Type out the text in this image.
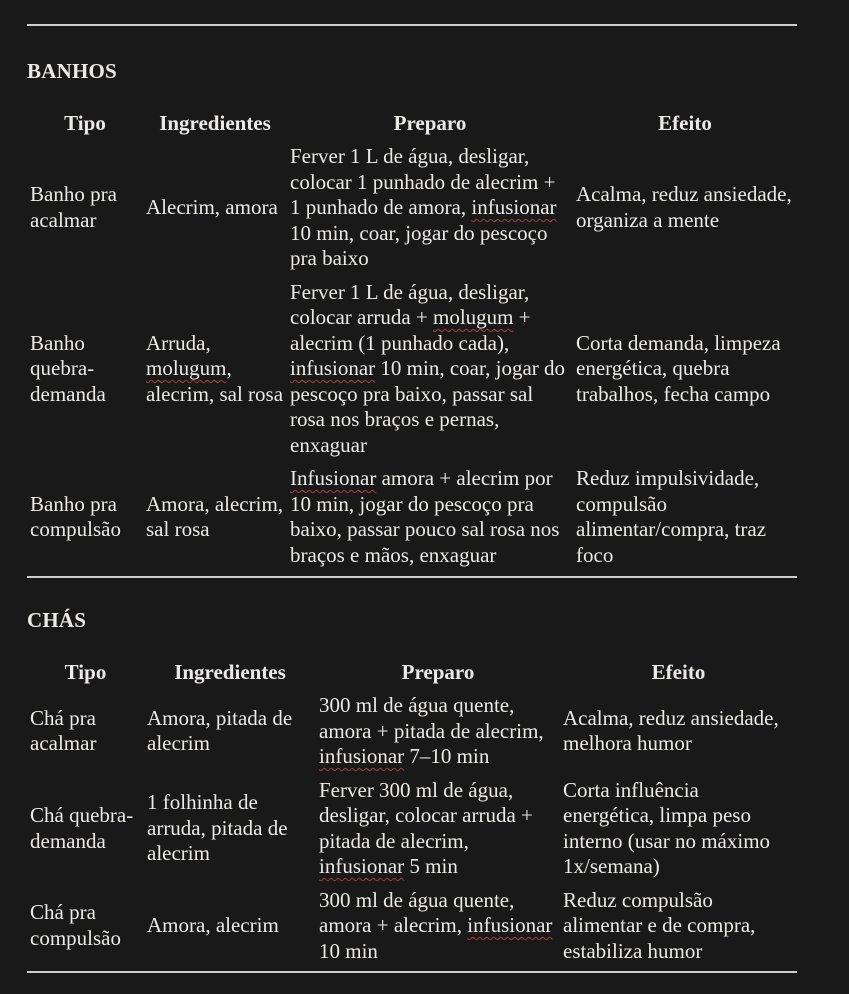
BANHOS
Tipo	Ingredientes	Preparo	Efeito
Banho pra acalmar	Alecrim, amora	Ferver 1 L de água, desligar, colocar 1 punhado de alecrim + 1 punhado de amora, infusionar 10 min, coar, jogar do pescoço pra baixo	Acalma, reduz ansiedade, organiza a mente
Banho quebra-demanda	Arruda, molugum, alecrim, sal rosa	Ferver 1 L de água, desligar, colocar arruda + molugum + alecrim (1 punhado cada), infusionar 10 min, coar, jogar do pescoço pra baixo, passar sal rosa nos braços e pernas, enxaguar	Corta demanda, limpeza energética, quebra trabalhos, fecha campo
Banho pra compulsão	Amora, alecrim, sal rosa	Infusionar amora + alecrim por 10 min, jogar do pescoço pra baixo, passar pouco sal rosa nos braços e mãos, enxaguar	Reduz impulsividade, compulsão alimentar/compra, traz foco
CHÁS
Tipo	Ingredientes	Preparo	Efeito
Chá pra acalmar	Amora, pitada de alecrim	300 ml de água quente, amora + pitada de alecrim, infusionar 7–10 min	Acalma, reduz ansiedade, melhora humor
Chá quebra-demanda	1 folhinha de arruda, pitada de alecrim	Ferver 300 ml de água, desligar, colocar arruda + pitada de alecrim, infusionar 5 min	Corta influência energética, limpa peso interno (usar no máximo 1x/semana)
Chá pra compulsão	Amora, alecrim	300 ml de água quente, amora + alecrim, infusionar 10 min	Reduz compulsão alimentar e de compra, estabiliza humor
